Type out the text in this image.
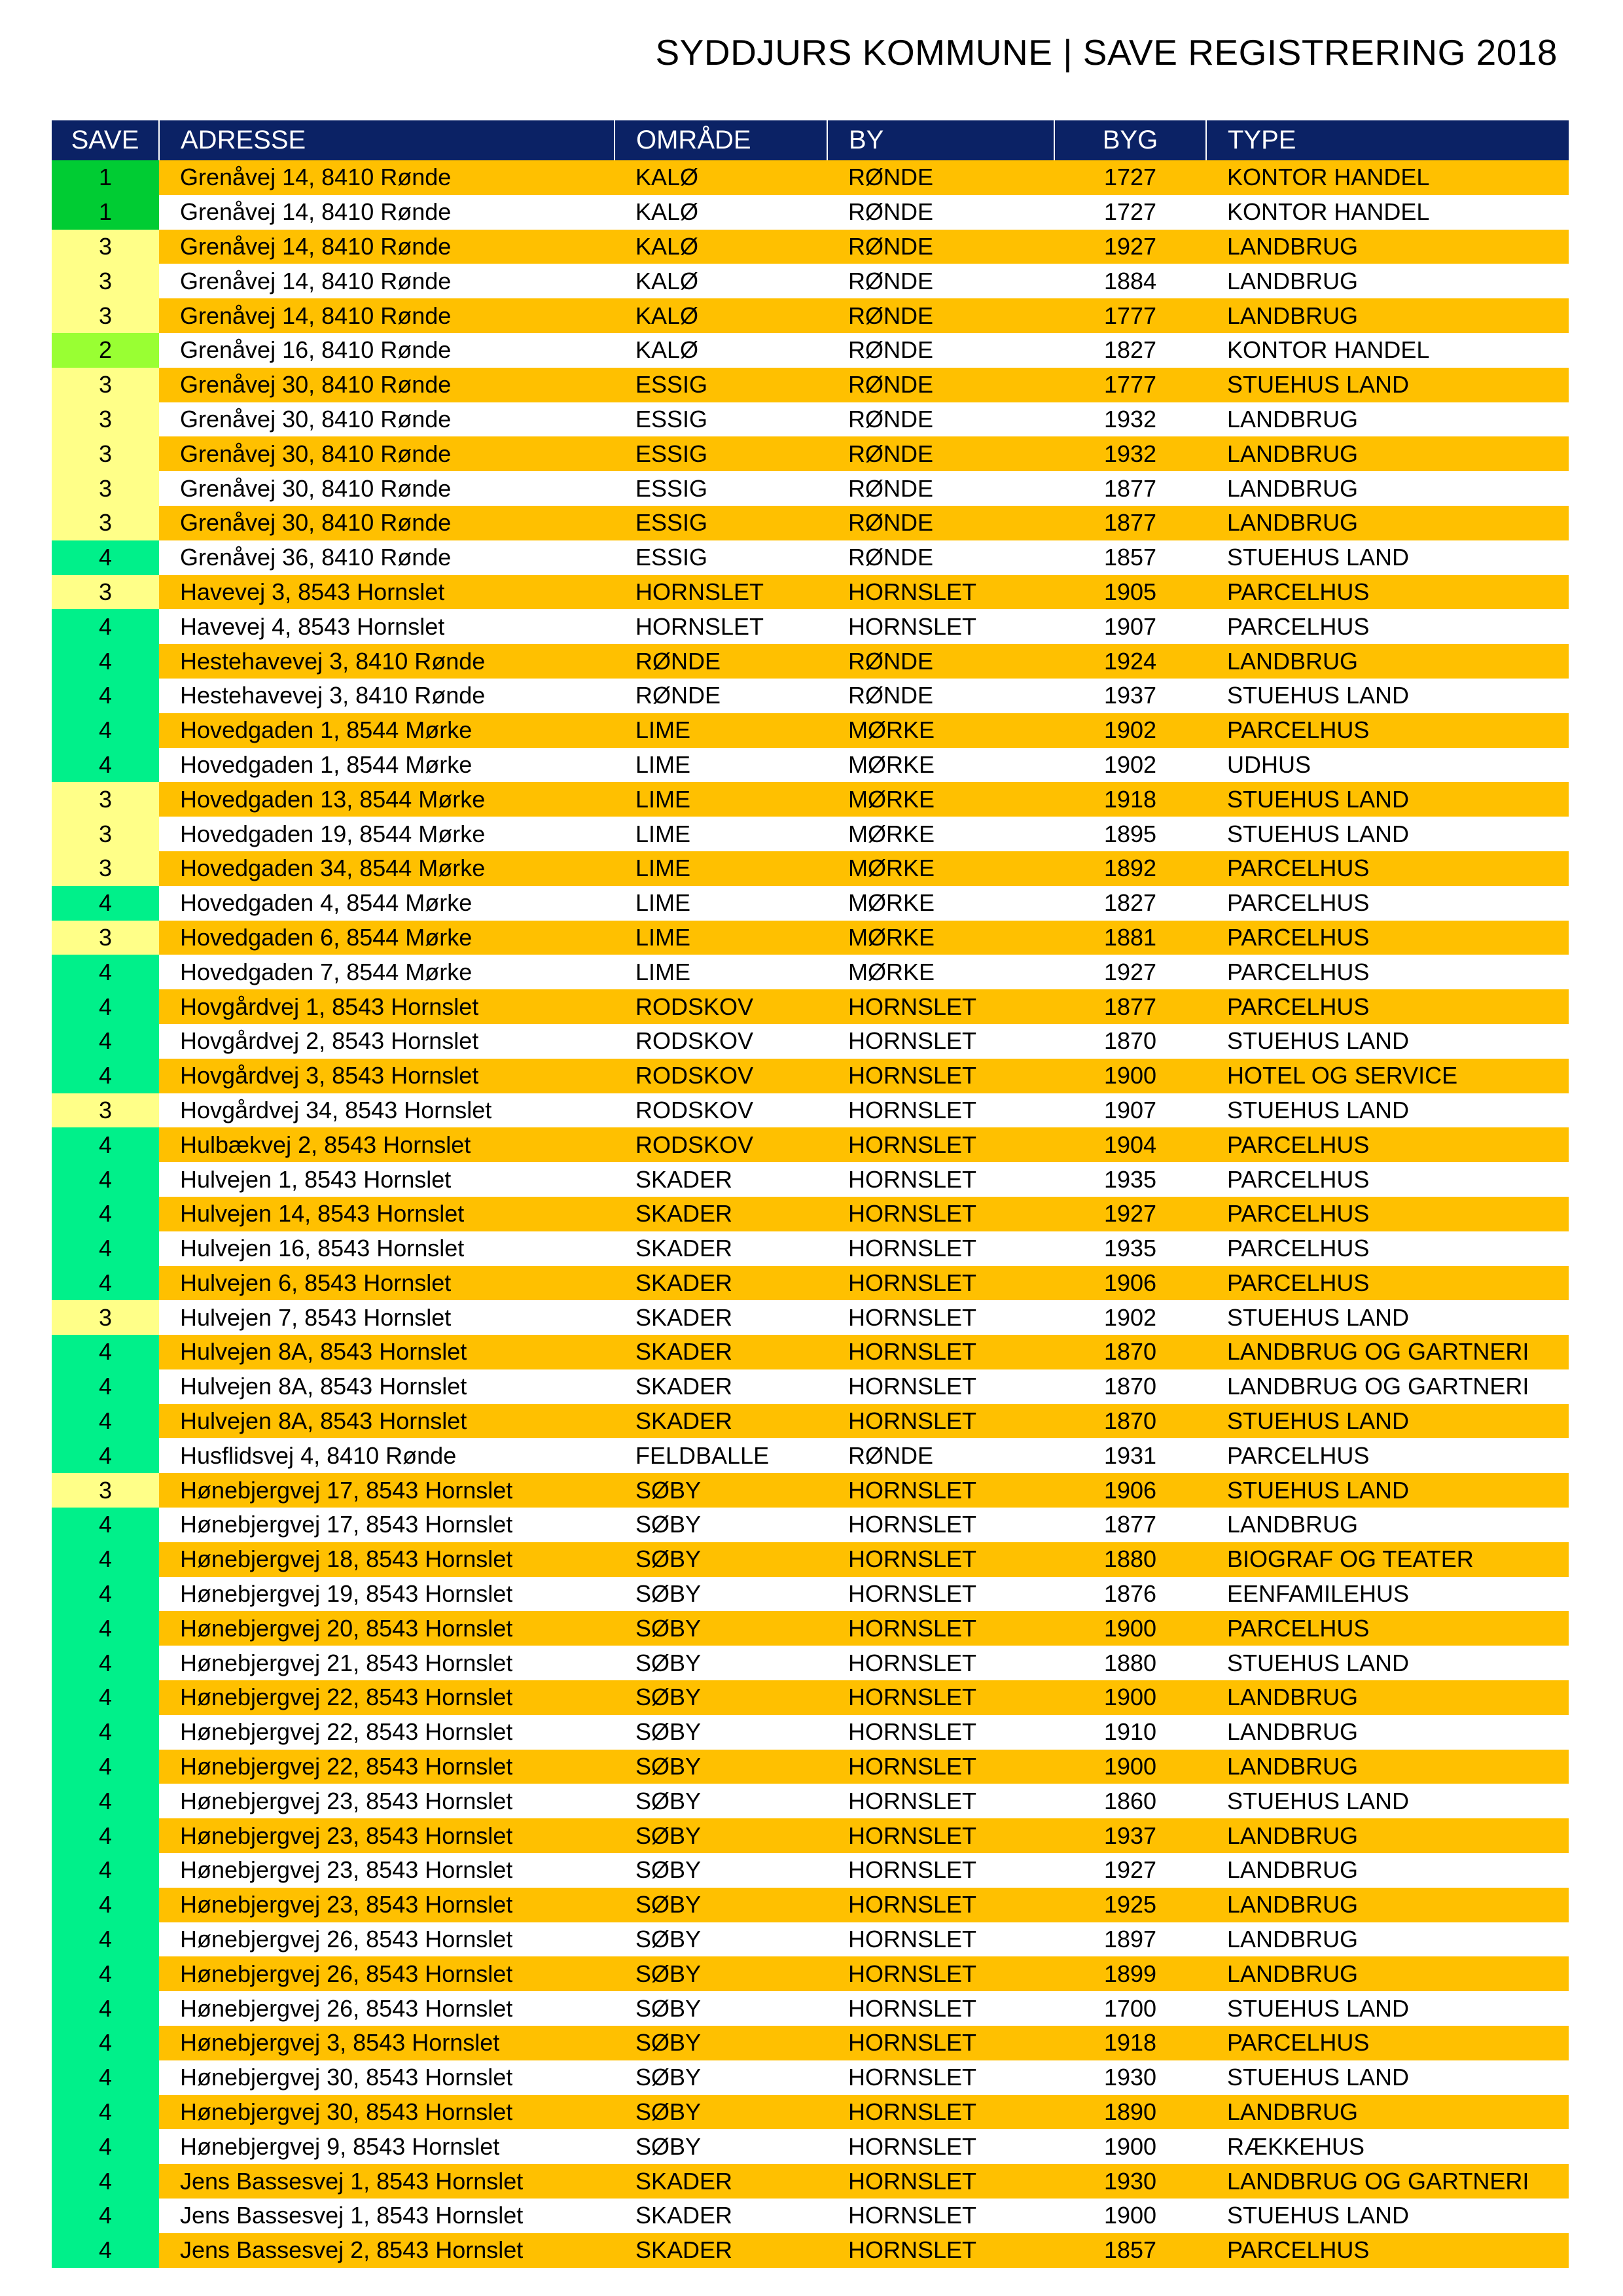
SYDDJURS KOMMUNE | SAVE REGISTRERING 2018
SAVE	ADRESSE	OMRÅDE	BY	BYG	TYPE
1	Grenåvej 14, 8410 Rønde	KALØ	RØNDE	1727	KONTOR HANDEL
1	Grenåvej 14, 8410 Rønde	KALØ	RØNDE	1727	KONTOR HANDEL
3	Grenåvej 14, 8410 Rønde	KALØ	RØNDE	1927	LANDBRUG
3	Grenåvej 14, 8410 Rønde	KALØ	RØNDE	1884	LANDBRUG
3	Grenåvej 14, 8410 Rønde	KALØ	RØNDE	1777	LANDBRUG
2	Grenåvej 16, 8410 Rønde	KALØ	RØNDE	1827	KONTOR HANDEL
3	Grenåvej 30, 8410 Rønde	ESSIG	RØNDE	1777	STUEHUS LAND
3	Grenåvej 30, 8410 Rønde	ESSIG	RØNDE	1932	LANDBRUG
3	Grenåvej 30, 8410 Rønde	ESSIG	RØNDE	1932	LANDBRUG
3	Grenåvej 30, 8410 Rønde	ESSIG	RØNDE	1877	LANDBRUG
3	Grenåvej 30, 8410 Rønde	ESSIG	RØNDE	1877	LANDBRUG
4	Grenåvej 36, 8410 Rønde	ESSIG	RØNDE	1857	STUEHUS LAND
3	Havevej 3, 8543 Hornslet	HORNSLET	HORNSLET	1905	PARCELHUS
4	Havevej 4, 8543 Hornslet	HORNSLET	HORNSLET	1907	PARCELHUS
4	Hestehavevej 3, 8410 Rønde	RØNDE	RØNDE	1924	LANDBRUG
4	Hestehavevej 3, 8410 Rønde	RØNDE	RØNDE	1937	STUEHUS LAND
4	Hovedgaden 1, 8544 Mørke	LIME	MØRKE	1902	PARCELHUS
4	Hovedgaden 1, 8544 Mørke	LIME	MØRKE	1902	UDHUS
3	Hovedgaden 13, 8544 Mørke	LIME	MØRKE	1918	STUEHUS LAND
3	Hovedgaden 19, 8544 Mørke	LIME	MØRKE	1895	STUEHUS LAND
3	Hovedgaden 34, 8544 Mørke	LIME	MØRKE	1892	PARCELHUS
4	Hovedgaden 4, 8544 Mørke	LIME	MØRKE	1827	PARCELHUS
3	Hovedgaden 6, 8544 Mørke	LIME	MØRKE	1881	PARCELHUS
4	Hovedgaden 7, 8544 Mørke	LIME	MØRKE	1927	PARCELHUS
4	Hovgårdvej 1, 8543 Hornslet	RODSKOV	HORNSLET	1877	PARCELHUS
4	Hovgårdvej 2, 8543 Hornslet	RODSKOV	HORNSLET	1870	STUEHUS LAND
4	Hovgårdvej 3, 8543 Hornslet	RODSKOV	HORNSLET	1900	HOTEL OG SERVICE
3	Hovgårdvej 34, 8543 Hornslet	RODSKOV	HORNSLET	1907	STUEHUS LAND
4	Hulbækvej 2, 8543 Hornslet	RODSKOV	HORNSLET	1904	PARCELHUS
4	Hulvejen 1, 8543 Hornslet	SKADER	HORNSLET	1935	PARCELHUS
4	Hulvejen 14, 8543 Hornslet	SKADER	HORNSLET	1927	PARCELHUS
4	Hulvejen 16, 8543 Hornslet	SKADER	HORNSLET	1935	PARCELHUS
4	Hulvejen 6, 8543 Hornslet	SKADER	HORNSLET	1906	PARCELHUS
3	Hulvejen 7, 8543 Hornslet	SKADER	HORNSLET	1902	STUEHUS LAND
4	Hulvejen 8A, 8543 Hornslet	SKADER	HORNSLET	1870	LANDBRUG OG GARTNERI
4	Hulvejen 8A, 8543 Hornslet	SKADER	HORNSLET	1870	LANDBRUG OG GARTNERI
4	Hulvejen 8A, 8543 Hornslet	SKADER	HORNSLET	1870	STUEHUS LAND
4	Husflidsvej 4, 8410 Rønde	FELDBALLE	RØNDE	1931	PARCELHUS
3	Hønebjergvej 17, 8543 Hornslet	SØBY	HORNSLET	1906	STUEHUS LAND
4	Hønebjergvej 17, 8543 Hornslet	SØBY	HORNSLET	1877	LANDBRUG
4	Hønebjergvej 18, 8543 Hornslet	SØBY	HORNSLET	1880	BIOGRAF OG TEATER
4	Hønebjergvej 19, 8543 Hornslet	SØBY	HORNSLET	1876	EENFAMILEHUS
4	Hønebjergvej 20, 8543 Hornslet	SØBY	HORNSLET	1900	PARCELHUS
4	Hønebjergvej 21, 8543 Hornslet	SØBY	HORNSLET	1880	STUEHUS LAND
4	Hønebjergvej 22, 8543 Hornslet	SØBY	HORNSLET	1900	LANDBRUG
4	Hønebjergvej 22, 8543 Hornslet	SØBY	HORNSLET	1910	LANDBRUG
4	Hønebjergvej 22, 8543 Hornslet	SØBY	HORNSLET	1900	LANDBRUG
4	Hønebjergvej 23, 8543 Hornslet	SØBY	HORNSLET	1860	STUEHUS LAND
4	Hønebjergvej 23, 8543 Hornslet	SØBY	HORNSLET	1937	LANDBRUG
4	Hønebjergvej 23, 8543 Hornslet	SØBY	HORNSLET	1927	LANDBRUG
4	Hønebjergvej 23, 8543 Hornslet	SØBY	HORNSLET	1925	LANDBRUG
4	Hønebjergvej 26, 8543 Hornslet	SØBY	HORNSLET	1897	LANDBRUG
4	Hønebjergvej 26, 8543 Hornslet	SØBY	HORNSLET	1899	LANDBRUG
4	Hønebjergvej 26, 8543 Hornslet	SØBY	HORNSLET	1700	STUEHUS LAND
4	Hønebjergvej 3, 8543 Hornslet	SØBY	HORNSLET	1918	PARCELHUS
4	Hønebjergvej 30, 8543 Hornslet	SØBY	HORNSLET	1930	STUEHUS LAND
4	Hønebjergvej 30, 8543 Hornslet	SØBY	HORNSLET	1890	LANDBRUG
4	Hønebjergvej 9, 8543 Hornslet	SØBY	HORNSLET	1900	RÆKKEHUS
4	Jens Bassesvej 1, 8543 Hornslet	SKADER	HORNSLET	1930	LANDBRUG OG GARTNERI
4	Jens Bassesvej 1, 8543 Hornslet	SKADER	HORNSLET	1900	STUEHUS LAND
4	Jens Bassesvej 2, 8543 Hornslet	SKADER	HORNSLET	1857	PARCELHUS
